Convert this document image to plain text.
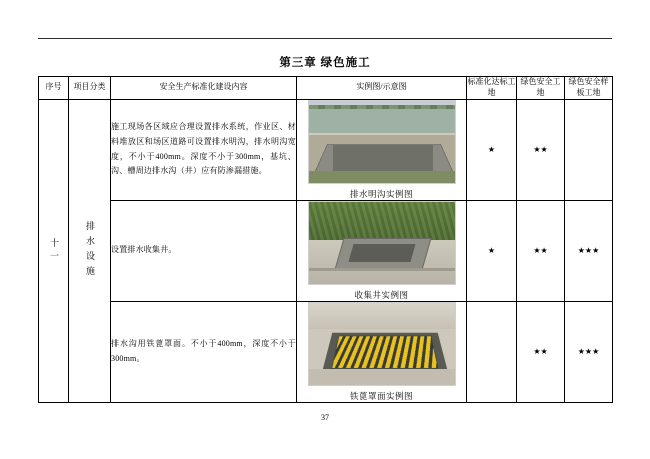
第三章 绿色施工
序号	项目分类	安全生产标准化建设内容	实例图/示意图	标准化达标工地	绿色安全工地	绿色安全样板工地

十一	排水设施	施工现场各区域应合理设置排水系统，作业区、材料堆放区和场区道路可设置排水明沟，排水明沟宽度，不小于400mm。深度不小于300mm，基坑、沟、槽周边排水沟（井）应有防渗漏措施。	排水明沟实例图	★	★★	
		设置排水收集井。	收集井实例图	★	★★	★★★
		排水沟用铁蓖罩面。不小于400mm，深度不小于300mm。	铁蓖罩面实例图		★★	★★★
37
